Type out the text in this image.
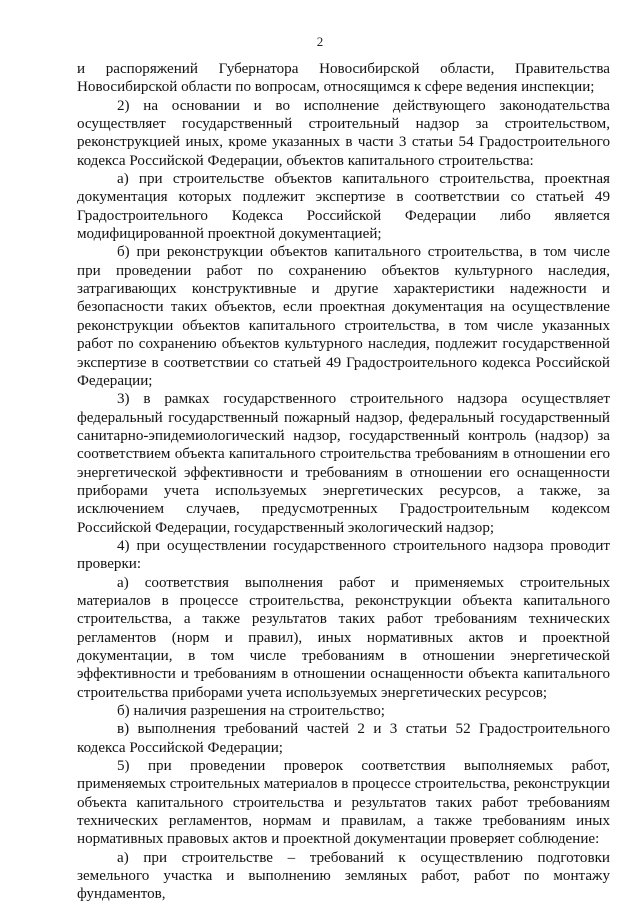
2

и распоряжений Губернатора Новосибирской области, Правительства Новосибирской области по вопросам, относящимся к сфере ведения инспекции;

2) на основании и во исполнение действующего законодательства осуществляет государственный строительный надзор за строительством, реконструкцией иных, кроме указанных в части 3 статьи 54 Градостроительного кодекса Российской Федерации, объектов капитального строительства:

а) при строительстве объектов капитального строительства, проектная документация которых подлежит экспертизе в соответствии со статьей 49 Градостроительного Кодекса Российской Федерации либо является модифицированной проектной документацией;

б) при реконструкции объектов капитального строительства, в том числе при проведении работ по сохранению объектов культурного наследия, затрагивающих конструктивные и другие характеристики надежности и безопасности таких объектов, если проектная документация на осуществление реконструкции объектов капитального строительства, в том числе указанных работ по сохранению объектов культурного наследия, подлежит государственной экспертизе в соответствии со статьей 49 Градостроительного кодекса Российской Федерации;

3) в рамках государственного строительного надзора осуществляет федеральный государственный пожарный надзор, федеральный государственный санитарно-эпидемиологический надзор, государственный контроль (надзор) за соответствием объекта капитального строительства требованиям в отношении его энергетической эффективности и требованиям в отношении его оснащенности приборами учета используемых энергетических ресурсов, а также, за исключением случаев, предусмотренных Градостроительным кодексом Российской Федерации, государственный экологический надзор;

4) при осуществлении государственного строительного надзора проводит проверки:

а) соответствия выполнения работ и применяемых строительных материалов в процессе строительства, реконструкции объекта капитального строительства, а также результатов таких работ требованиям технических регламентов (норм и правил), иных нормативных актов и проектной документации, в том числе требованиям в отношении энергетической эффективности и требованиям в отношении оснащенности объекта капитального строительства приборами учета используемых энергетических ресурсов;

б) наличия разрешения на строительство;

в) выполнения требований частей 2 и 3 статьи 52 Градостроительного кодекса Российской Федерации;

5) при проведении проверок соответствия выполняемых работ, применяемых строительных материалов в процессе строительства, реконструкции объекта капитального строительства и результатов таких работ требованиям технических регламентов, нормам и правилам, а также требованиям иных нормативных правовых актов и проектной документации проверяет соблюдение:

а) при строительстве – требований к осуществлению подготовки земельного участка и выполнению земляных работ, работ по монтажу фундаментов,
